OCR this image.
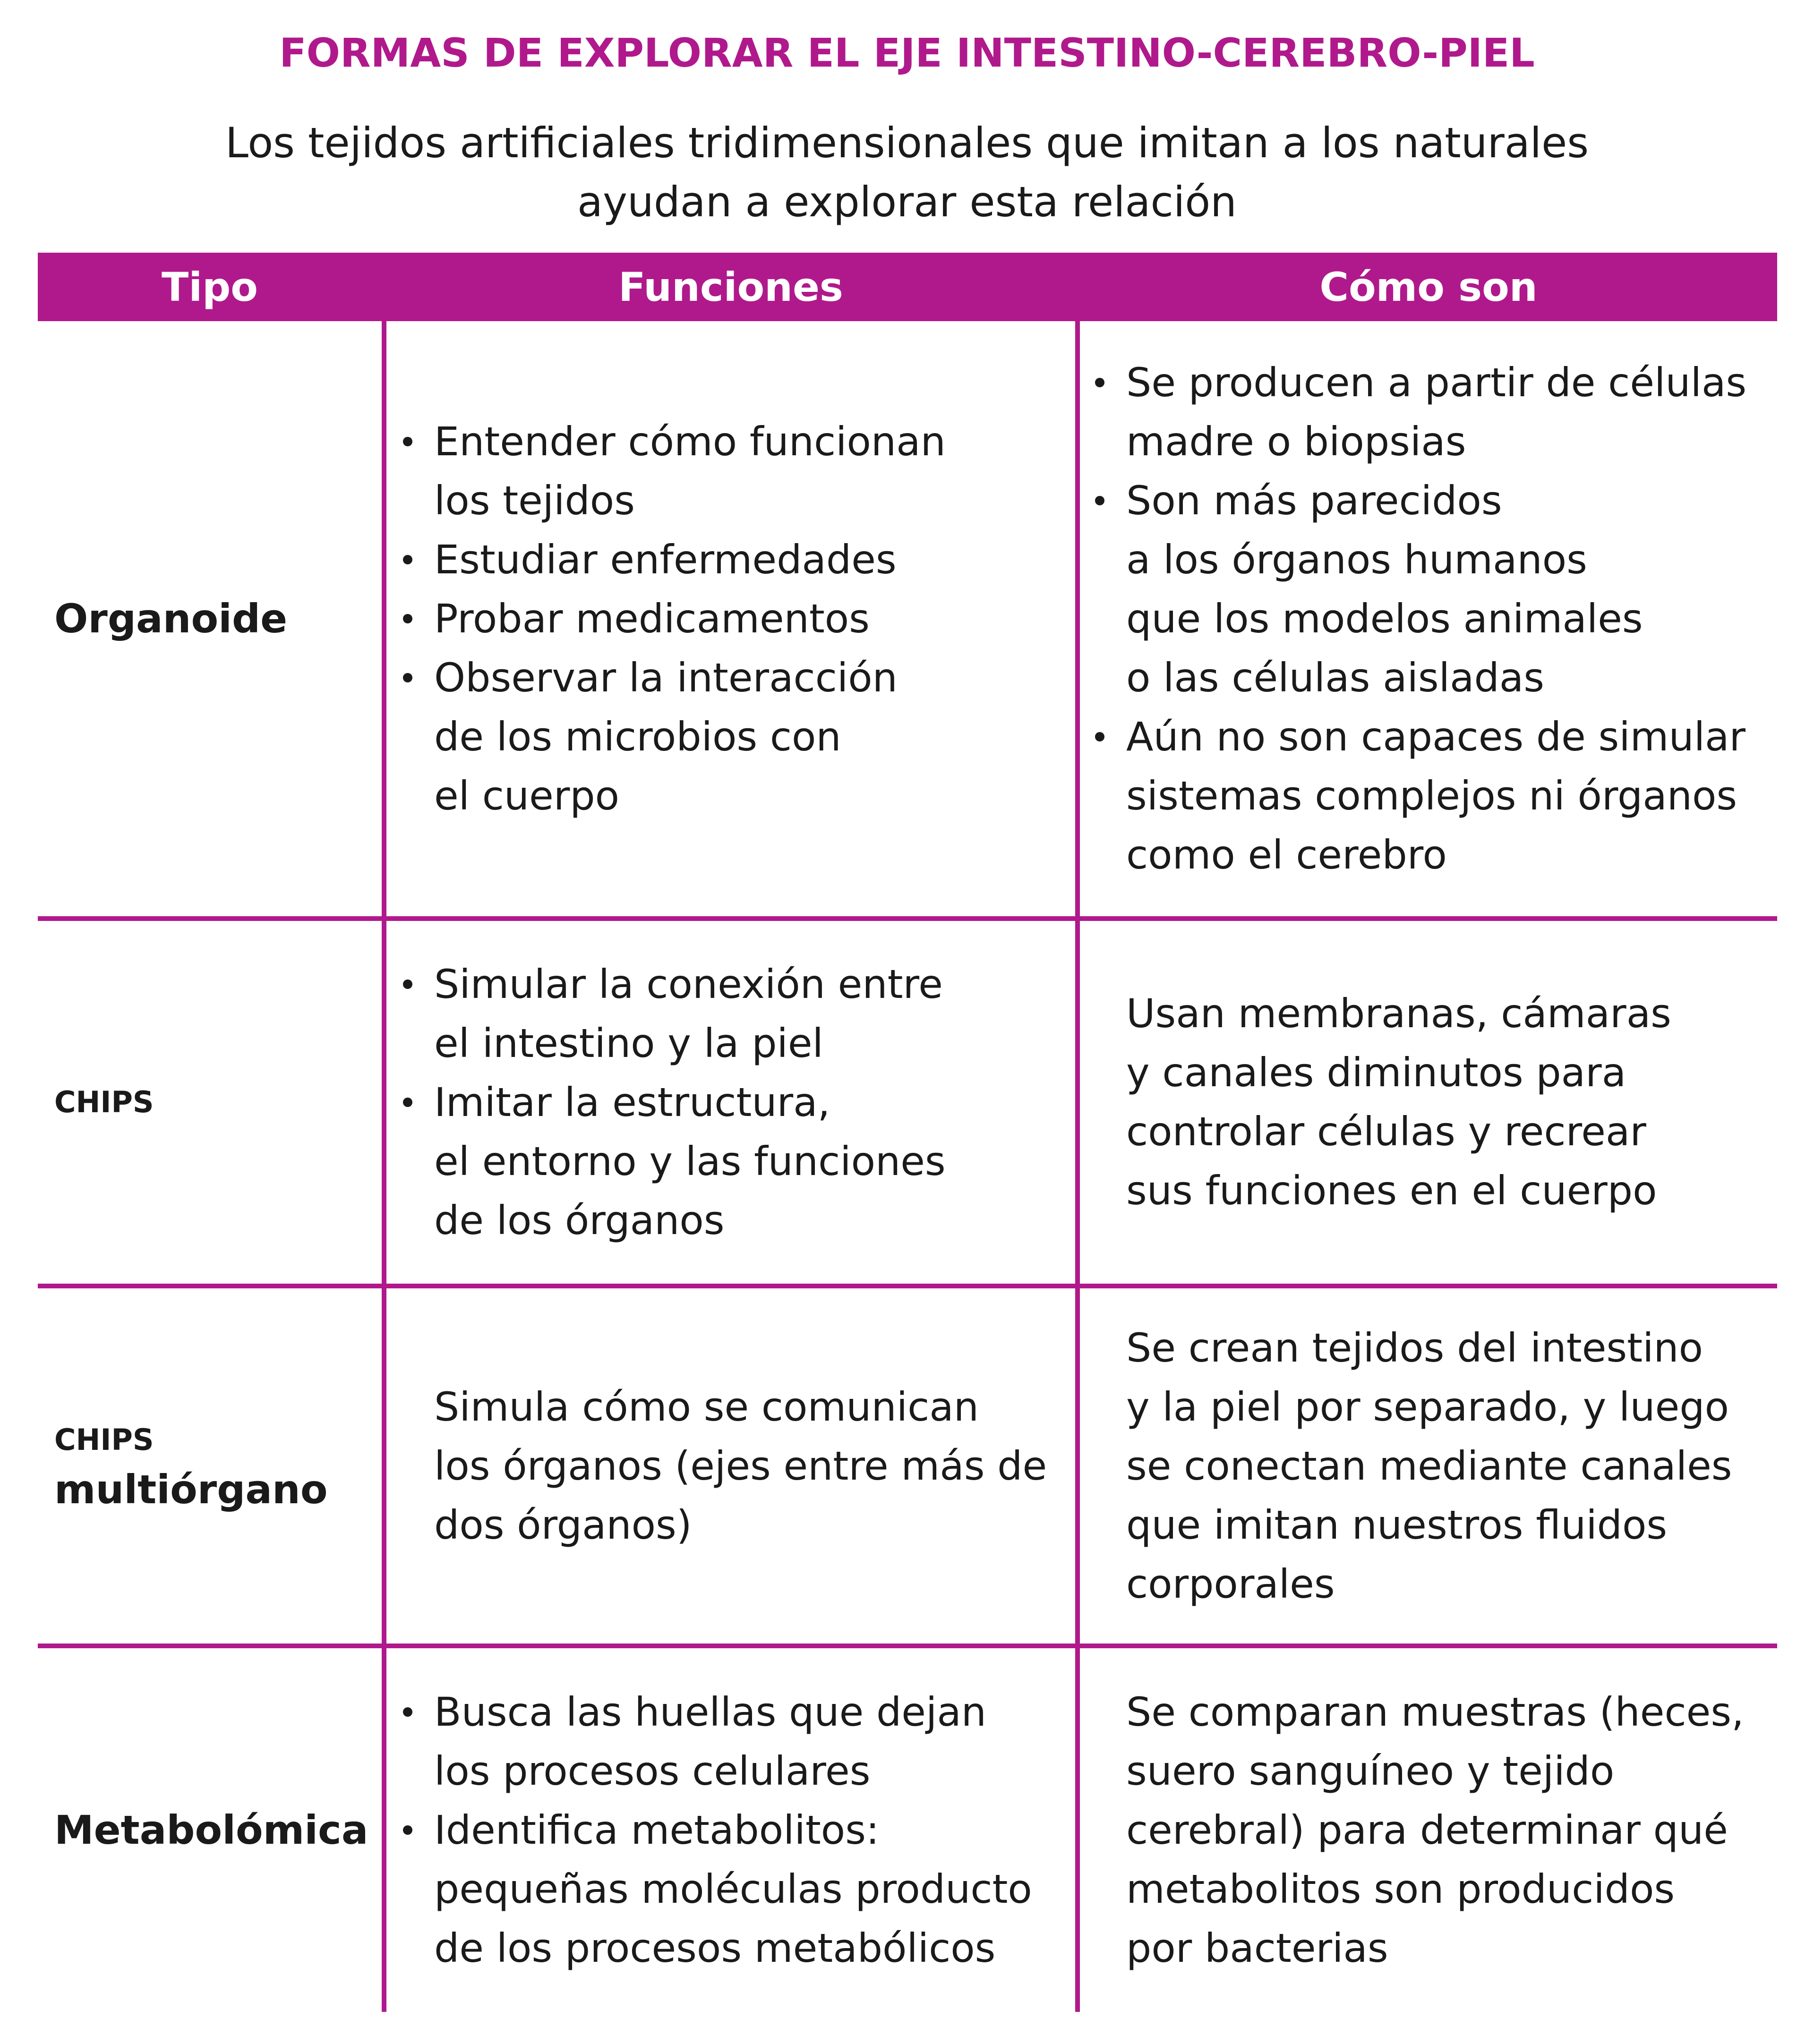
FORMAS DE EXPLORAR EL EJE INTESTINO-CEREBRO-PIEL
Los tejidos artificiales tridimensionales que imitan a los naturales
ayudan a explorar esta relación
Tipo	Funciones	Cómo son
Organoide
Entender cómo funcionan
los tejidos
Estudiar enfermedades
Probar medicamentos
Observar la interacción
de los microbios con
el cuerpo
Se producen a partir de células
madre o biopsias
Son más parecidos
a los órganos humanos
que los modelos animales
o las células aisladas
Aún no son capaces de simular
sistemas complejos ni órganos
como el cerebro
CHIPS
Simular la conexión entre
el intestino y la piel
Imitar la estructura,
el entorno y las funciones
de los órganos
Usan membranas, cámaras
y canales diminutos para
controlar células y recrear
sus funciones en el cuerpo
CHIPS
multiórgano
Simula cómo se comunican
los órganos (ejes entre más de
dos órganos)
Se crean tejidos del intestino
y la piel por separado, y luego
se conectan mediante canales
que imitan nuestros fluidos
corporales
Metabolómica
Busca las huellas que dejan
los procesos celulares
Identifica metabolitos:
pequeñas moléculas producto
de los procesos metabólicos
Se comparan muestras (heces,
suero sanguíneo y tejido
cerebral) para determinar qué
metabolitos son producidos
por bacterias
